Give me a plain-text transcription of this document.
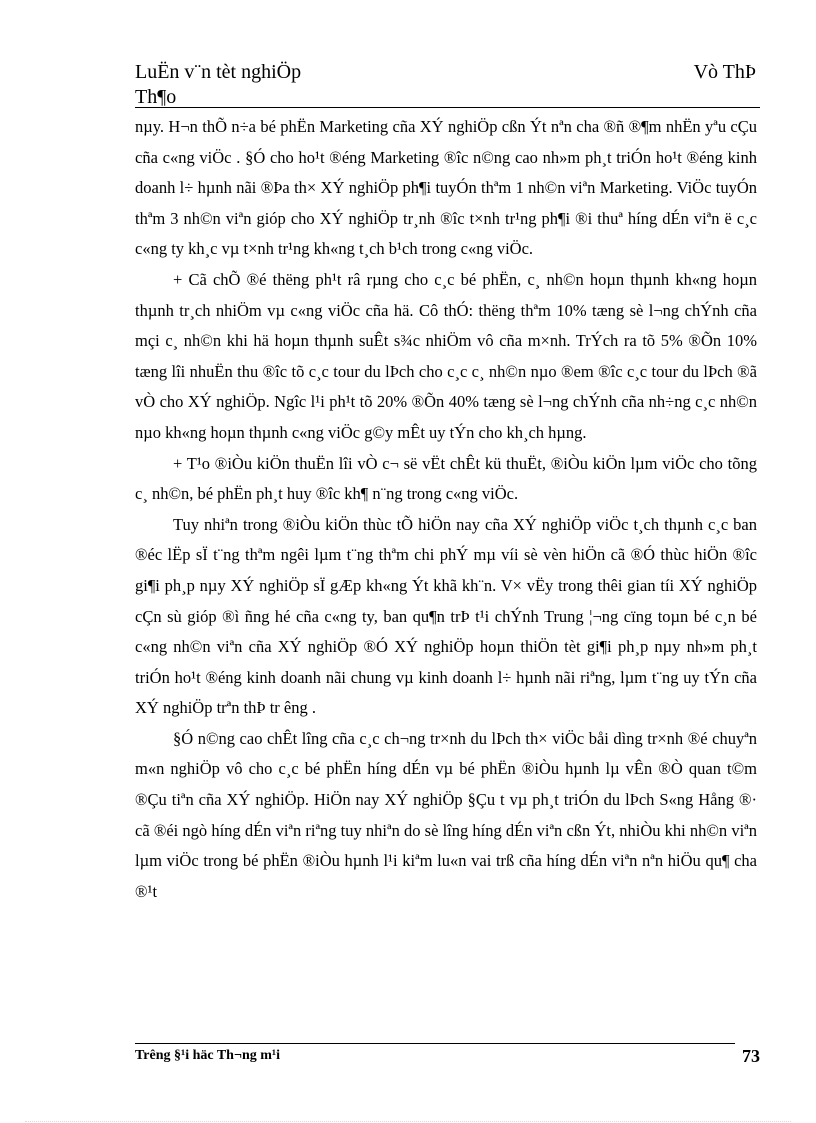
LuËn v¨n tèt nghiÖp
Th¶o
Vò ThÞ

nµy. H¬n thÕ n÷a bé phËn Marketing cña XÝ nghiÖp cßn Ýt nªn cha ®ñ ®¶m nhËn yªu cÇu cña c«ng viÖc . §Ó cho ho¹t ®éng Marketing ®îc n©ng cao nh»m ph¸t triÓn ho¹t ®éng kinh doanh l÷ hµnh nãi ®Þa th× XÝ nghiÖp ph¶i tuyÓn thªm 1 nh©n viªn Marketing. ViÖc tuyÓn thªm 3 nh©n viªn gióp cho XÝ nghiÖp tr¸nh ®îc t×nh tr¹ng ph¶i ®i thuª híng dÉn viªn ë c¸c c«ng ty kh¸c vµ t×nh tr¹ng kh«ng t¸ch b¹ch trong c«ng viÖc.

+ Cã chÕ ®é thëng ph¹t râ rµng cho c¸c bé phËn, c¸ nh©n hoµn thµnh kh«ng hoµn thµnh tr¸ch nhiÖm vµ c«ng viÖc cña hä. Cô thÓ: thëng thªm 10% tæng sè l¬ng chÝnh cña mçi c¸ nh©n khi hä hoµn thµnh suÊt s¾c nhiÖm vô cña m×nh. TrÝch ra tõ 5% ®Õn 10% tæng lîi nhuËn thu ®îc tõ c¸c tour du lÞch cho c¸c c¸ nh©n nµo ®em ®îc c¸c tour du lÞch ®ã vÒ cho XÝ nghiÖp. Ngîc l¹i ph¹t tõ 20% ®Õn 40% tæng sè l¬ng chÝnh cña nh÷ng c¸c nh©n nµo kh«ng hoµn thµnh c«ng viÖc g©y mÊt uy tÝn cho kh¸ch hµng.

+ T¹o ®iÒu kiÖn thuËn lîi vÒ c¬ së vËt chÊt kü thuËt, ®iÒu kiÖn lµm viÖc cho tõng c¸ nh©n, bé phËn ph¸t huy ®îc kh¶ n¨ng trong c«ng viÖc.

Tuy nhiªn trong ®iÒu kiÖn thùc tÕ hiÖn nay cña XÝ nghiÖp viÖc t¸ch thµnh c¸c ban ®éc lËp sÏ t¨ng thªm ngêi lµm t¨ng thªm chi phÝ mµ víi sè vèn hiÖn cã ®Ó thùc hiÖn ®îc gi¶i ph¸p nµy XÝ nghiÖp sÏ gÆp kh«ng Ýt khã kh¨n. V× vËy trong thêi gian tíi XÝ nghiÖp cÇn sù gióp ®ì ñng hé cña c«ng ty, ban qu¶n trÞ t¹i chÝnh Trung ¦¬ng cïng toµn bé c¸n bé c«ng nh©n viªn cña XÝ nghiÖp ®Ó XÝ nghiÖp hoµn thiÖn tèt gi¶i ph¸p nµy nh»m ph¸t triÓn ho¹t ®éng kinh doanh nãi chung vµ kinh doanh l÷ hµnh nãi riªng, lµm t¨ng uy tÝn cña XÝ nghiÖp trªn thÞ tr êng .

§Ó n©ng cao chÊt lîng cña c¸c ch¬ng tr×nh du lÞch th× viÖc båi dìng tr×nh ®é chuyªn m«n nghiÖp vô cho c¸c bé phËn híng dÉn vµ bé phËn ®iÒu hµnh lµ vÊn ®Ò quan t©m ®Çu tiªn cña XÝ nghiÖp. HiÖn nay XÝ nghiÖp §Çu t vµ ph¸t triÓn du lÞch S«ng Hång ®· cã ®éi ngò híng dÉn viªn riªng tuy nhiªn do sè lîng híng dÉn viªn cßn Ýt, nhiÒu khi nh©n viªn lµm viÖc trong bé phËn ®iÒu hµnh l¹i kiªm lu«n vai trß cña híng dÉn viªn nªn hiÖu qu¶ cha ®¹t

Trêng §¹i häc Th¬ng m¹i	73
